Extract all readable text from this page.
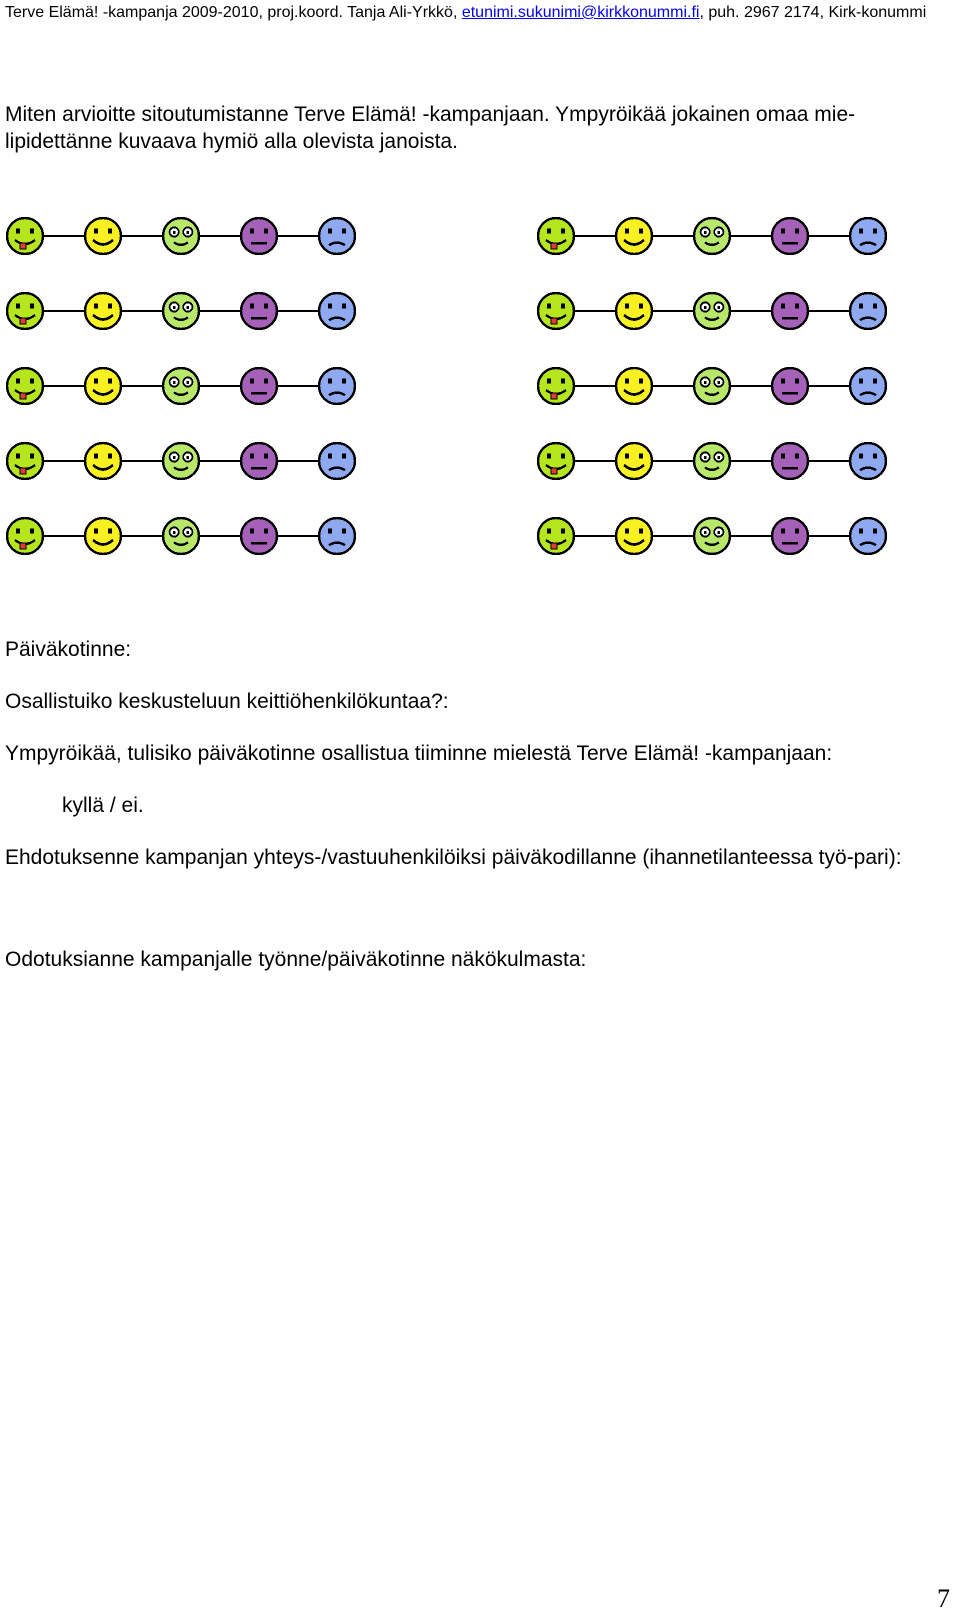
Terve Elämä! -kampanja 2009-2010, proj.koord. Tanja Ali-Yrkkö, etunimi.sukunimi@kirkkonummi.fi, puh. 2967 2174, Kirk-konummi

Miten arvioitte sitoutumistanne Terve Elämä! -kampanjaan. Ympyröikää jokainen omaa mie-lipidettänne kuvaava hymiö alla olevista janoista.

Päiväkotinne:

Osallistuiko keskusteluun keittiöhenkilökuntaa?:

Ympyröikää, tulisiko päiväkotinne osallistua tiiminne mielestä Terve Elämä! -kampanjaan:

kyllä / ei.

Ehdotuksenne kampanjan yhteys-/vastuuhenkilöiksi päiväkodillanne (ihannetilanteessa työ-pari):

Odotuksianne kampanjalle työnne/päiväkotinne näkökulmasta:

7
